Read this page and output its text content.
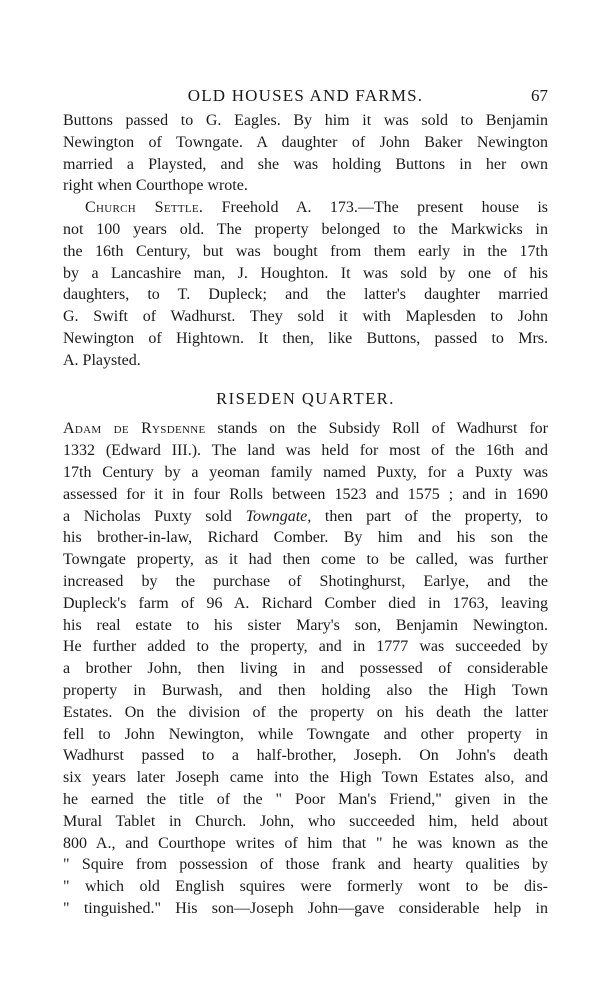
OLD HOUSES AND FARMS.	67
Buttons passed to G. Eagles. By him it was sold to Benjamin
Newington of Towngate. A daughter of John Baker Newington
married a Playsted, and she was holding Buttons in her own
right when Courthope wrote.
Church Settle. Freehold A. 173.—The present house is
not 100 years old. The property belonged to the Markwicks in
the 16th Century, but was bought from them early in the 17th
by a Lancashire man, J. Houghton. It was sold by one of his
daughters, to T. Dupleck; and the latter's daughter married
G. Swift of Wadhurst. They sold it with Maplesden to John
Newington of Hightown. It then, like Buttons, passed to Mrs.
A. Playsted.
RISEDEN QUARTER.
Adam de Rysdenne stands on the Subsidy Roll of Wadhurst for
1332 (Edward III.). The land was held for most of the 16th and
17th Century by a yeoman family named Puxty, for a Puxty was
assessed for it in four Rolls between 1523 and 1575 ; and in 1690
a Nicholas Puxty sold Towngate, then part of the property, to
his brother-in-law, Richard Comber. By him and his son the
Towngate property, as it had then come to be called, was further
increased by the purchase of Shotinghurst, Earlye, and the
Dupleck's farm of 96 A. Richard Comber died in 1763, leaving
his real estate to his sister Mary's son, Benjamin Newington.
He further added to the property, and in 1777 was succeeded by
a brother John, then living in and possessed of considerable
property in Burwash, and then holding also the High Town
Estates. On the division of the property on his death the latter
fell to John Newington, while Towngate and other property in
Wadhurst passed to a half-brother, Joseph. On John's death
six years later Joseph came into the High Town Estates also, and
he earned the title of the " Poor Man's Friend," given in the
Mural Tablet in Church. John, who succeeded him, held about
800 A., and Courthope writes of him that " he was known as the
" Squire from possession of those frank and hearty qualities by
" which old English squires were formerly wont to be dis-
" tinguished." His son—Joseph John—gave considerable help in
